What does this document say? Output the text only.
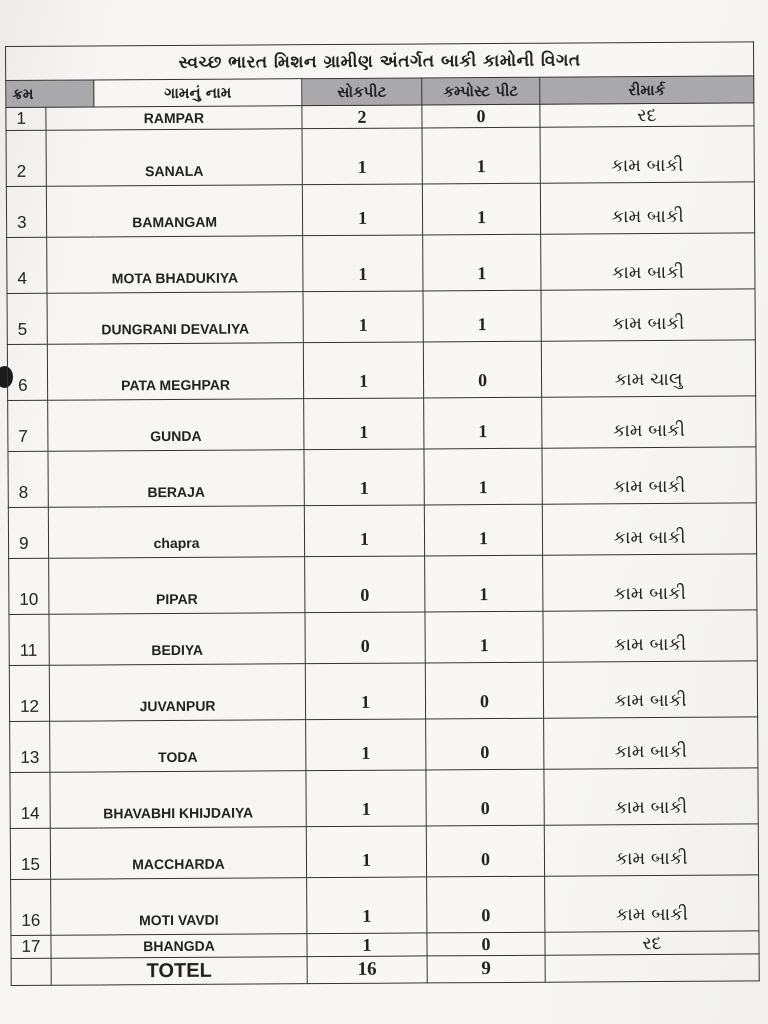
સ્વચ્છ ભારત મિશન ગ્રામીણ અંતર્ગત બાકી કામોની વિગત					
ક્રમ		ગામનું નામ	સોકપીટ	કમ્પોસ્ટ પીટ	રીમાર્ક
1	RAMPAR		2	0	રદ
2	SANALA		1	1	કામ બાકી
3	BAMANGAM		1	1	કામ બાકી
4	MOTA BHADUKIYA		1	1	કામ બાકી
5	DUNGRANI DEVALIYA		1	1	કામ બાકી
6	PATA MEGHPAR		1	0	કામ ચાલુ
7	GUNDA		1	1	કામ બાકી
8	BERAJA		1	1	કામ બાકી
9	chapra		1	1	કામ બાકી
10	PIPAR		0	1	કામ બાકી
11	BEDIYA		0	1	કામ બાકી
12	JUVANPUR		1	0	કામ બાકી
13	TODA		1	0	કામ બાકી
14	BHAVABHI KHIJDAIYA		1	0	કામ બાકી
15	MACCHARDA		1	0	કામ બાકી
16	MOTI VAVDI		1	0	કામ બાકી
17	BHANGDA		1	0	રદ
	TOTEL		16	9	
